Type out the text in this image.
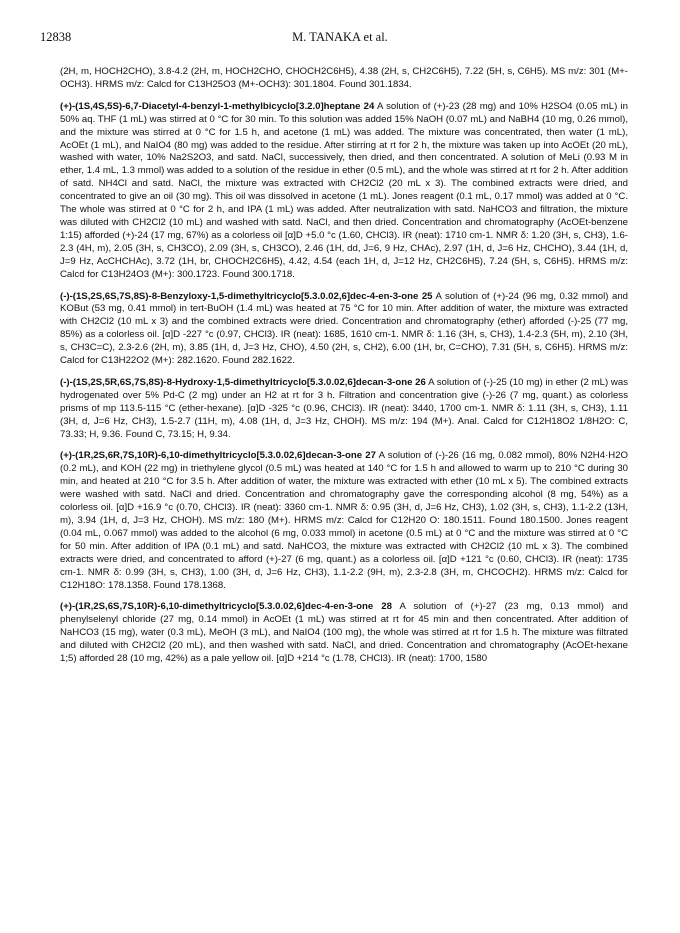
12838	M. TANAKA et al.

(2H, m, HOCH2CHO), 3.8-4.2 (2H, m, HOCH2CHO, CHOCH2C6H5), 4.38 (2H, s, CH2C6H5), 7.22 (5H, s, C6H5). MS m/z: 301 (M+-OCH3). HRMS m/z: Calcd for C13H25O3 (M+-OCH3): 301.1804. Found 301.1834.

(+)-(1S,4S,5S)-6,7-Diacetyl-4-benzyl-1-methylbicyclo[3.2.0]heptane 24 A solution of (+)-23 (28 mg) and 10% H2SO4 (0.05 mL) in 50% aq. THF (1 mL) was stirred at 0 °C for 30 min. To this solution was added 15% NaOH (0.07 mL) and NaBH4 (10 mg, 0.26 mmol), and the mixture was stirred at 0 °C for 1.5 h, and acetone (1 mL) was added. The mixture was concentrated, then water (1 mL), AcOEt (1 mL), and NaIO4 (80 mg) was added to the residue. After stirring at rt for 2 h, the mixture was taken up into AcOEt (20 mL), washed with water, 10% Na2S2O3, and satd. NaCl, successively, then dried, and then concentrated. A solution of MeLi (0.93 M in ether, 1.4 mL, 1.3 mmol) was added to a solution of the residue in ether (0.5 mL), and the whole was stirred at rt for 2 h. After addition of satd. NH4Cl and satd. NaCl, the mixture was extracted with CH2Cl2 (20 mL x 3). The combined extracts were dried, and concentrated to give an oil (30 mg). This oil was dissolved in acetone (1 mL). Jones reagent (0.1 mL, 0.17 mmol) was added at 0 °C. The whole was stirred at 0 °C for 2 h, and IPA (1 mL) was added. After neutralization with satd. NaHCO3 and filtration, the mixture was diluted with CH2Cl2 (10 mL) and washed with satd. NaCl, and then dried. Concentration and chromatography (AcOEt-benzene 1:15) afforded (+)-24 (17 mg, 67%) as a colorless oil [α]D +5.0 °c (1.60, CHCl3). IR (neat): 1710 cm-1. NMR δ: 1.20 (3H, s, CH3), 1.6-2.3 (4H, m), 2.05 (3H, s, CH3CO), 2.09 (3H, s, CH3CO), 2.46 (1H, dd, J=6, 9 Hz, CHAc), 2.97 (1H, d, J=6 Hz, CHCHO), 3.44 (1H, d, J=9 Hz, AcCHCHAc), 3.72 (1H, br, CHOCH2C6H5), 4.42, 4.54 (each 1H, d, J=12 Hz, CH2C6H5), 7.24 (5H, s, C6H5). HRMS m/z: Calcd for C13H24O3 (M+): 300.1723. Found 300.1718.

(-)-(1S,2S,6S,7S,8S)-8-Benzyloxy-1,5-dimethyltricyclo[5.3.0.02,6]dec-4-en-3-one 25 A solution of (+)-24 (96 mg, 0.32 mmol) and KOBut (53 mg, 0.41 mmol) in tert-BuOH (1.4 mL) was heated at 75 °C for 10 min. After addition of water, the mixture was extracted with CH2Cl2 (10 mL x 3) and the combined extracts were dried. Concentration and chromatography (ether) afforded (-)-25 (77 mg, 85%) as a colorless oil. [α]D -227 °c (0.97, CHCl3). IR (neat): 1685, 1610 cm-1. NMR δ: 1.16 (3H, s, CH3), 1.4-2.3 (5H, m), 2.10 (3H, s, CH3C=C), 2.3-2.6 (2H, m), 3.85 (1H, d, J=3 Hz, CHO), 4.50 (2H, s, CH2), 6.00 (1H, br, C=CHO), 7.31 (5H, s, C6H5). HRMS m/z: Calcd for C13H22O2 (M+): 282.1620. Found 282.1622.

(-)-(1S,2S,5R,6S,7S,8S)-8-Hydroxy-1,5-dimethyltricyclo[5.3.0.02,6]decan-3-one 26 A solution of (-)-25 (10 mg) in ether (2 mL) was hydrogenated over 5% Pd-C (2 mg) under an H2 at rt for 3 h. Filtration and concentration give (-)-26 (7 mg, quant.) as colorless prisms of mp 113.5-115 °C (ether-hexane). [α]D -325 °c (0.96, CHCl3). IR (neat): 3440, 1700 cm-1. NMR δ: 1.11 (3H, s, CH3), 1.11 (3H, d, J=6 Hz, CH3), 1.5-2.7 (11H, m), 4.08 (1H, d, J=3 Hz, CHOH). MS m/z: 194 (M+). Anal. Calcd for C12H18O2 1/8H2O: C, 73.33; H, 9.36. Found C, 73.15; H, 9.34.

(+)-(1R,2S,6R,7S,10R)-6,10-dimethyltricyclo[5.3.0.02,6]decan-3-one 27 A solution of (-)-26 (16 mg, 0.082 mmol), 80% N2H4·H2O (0.2 mL), and KOH (22 mg) in triethylene glycol (0.5 mL) was heated at 140 °C for 1.5 h and allowed to warm up to 210 °C during 30 min, and heated at 210 °C for 3.5 h. After addition of water, the mixture was extracted with ether (10 mL x 5). The combined extracts were washed with satd. NaCl and dried. Concentration and chromatography gave the corresponding alcohol (8 mg, 54%) as a colorless oil. [α]D +16.9 °c (0.70, CHCl3). IR (neat): 3360 cm-1. NMR δ: 0.95 (3H, d, J=6 Hz, CH3), 1.02 (3H, s, CH3), 1.1-2.2 (13H, m), 3.94 (1H, d, J=3 Hz, CHOH). MS m/z: 180 (M+). HRMS m/z: Calcd for C12H20 O: 180.1511. Found 180.1500. Jones reagent (0.04 mL, 0.067 mmol) was added to the alcohol (6 mg, 0.033 mmol) in acetone (0.5 mL) at 0 °C and the mixture was stirred at 0 °C for 50 min. After addition of IPA (0.1 mL) and satd. NaHCO3, the mixture was extracted with CH2Cl2 (10 mL x 3). The combined extracts were dried, and concentrated to afford (+)-27 (6 mg, quant.) as a colorless oil. [α]D +121 °c (0.60, CHCl3). IR (neat): 1735 cm-1. NMR δ: 0.99 (3H, s, CH3), 1.00 (3H, d, J=6 Hz, CH3), 1.1-2.2 (9H, m), 2.3-2.8 (3H, m, CHCOCH2). HRMS m/z: Calcd for C12H18O: 178.1358. Found 178.1368.

(+)-(1R,2S,6S,7S,10R)-6,10-dimethyltricyclo[5.3.0.02,6]dec-4-en-3-one 28 A solution of (+)-27 (23 mg, 0.13 mmol) and phenylselenyl chloride (27 mg, 0.14 mmol) in AcOEt (1 mL) was stirred at rt for 45 min and then concentrated. After addition of NaHCO3 (15 mg), water (0.3 mL), MeOH (3 mL), and NaIO4 (100 mg), the whole was stirred at rt for 1.5 h. The mixture was filtrated and diluted with CH2Cl2 (20 mL), and then washed with satd. NaCl, and dried. Concentration and chromatography (AcOEt-hexane 1;5) afforded 28 (10 mg, 42%) as a pale yellow oil. [α]D +214 °c (1.78, CHCl3). IR (neat): 1700, 1580
